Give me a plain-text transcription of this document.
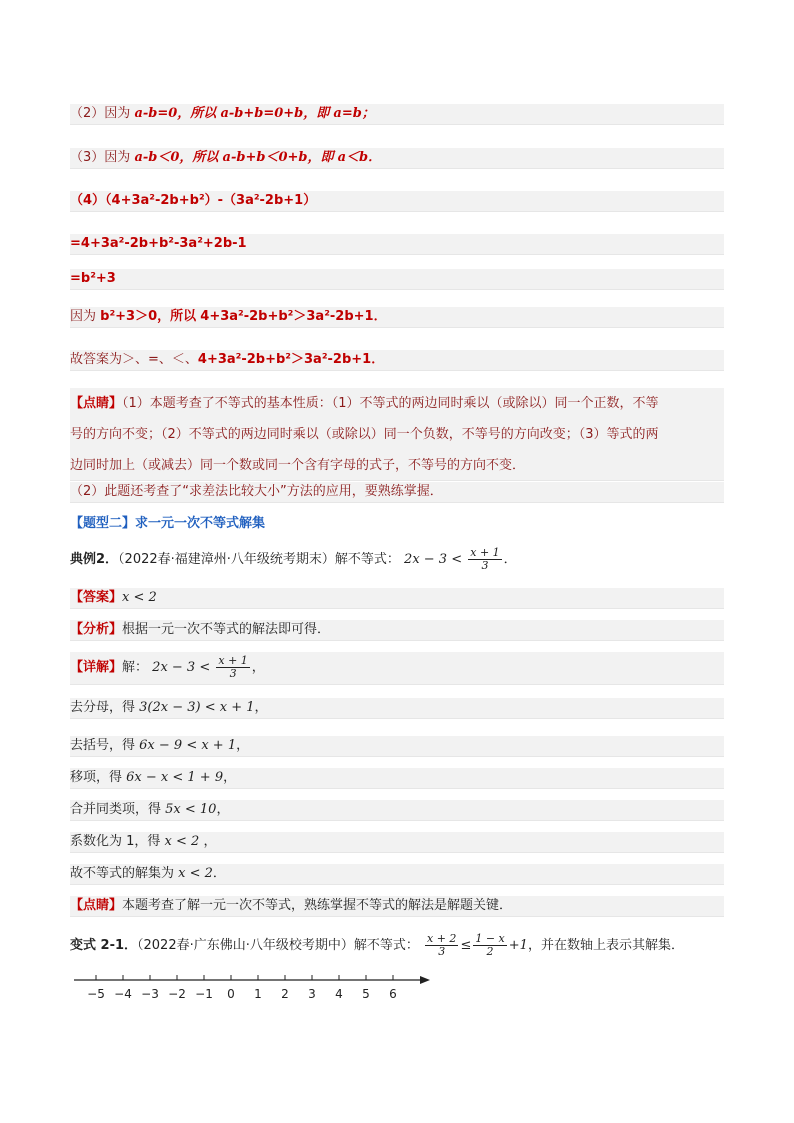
（2）因为 a-b=0，所以 a-b+b=0+b，即 a=b；
（3）因为 a-b＜0，所以 a-b+b＜0+b，即 a＜b．
（4）（4+3a²-2b+b²）-（3a²-2b+1）
=4+3a²-2b+b²-3a²+2b-1
=b²+3
因为 b²+3＞0，所以 4+3a²-2b+b²＞3a²-2b+1．
故答案为＞、=、＜、4+3a²-2b+b²＞3a²-2b+1．
【点睛】（1）本题考查了不等式的基本性质：（1）不等式的两边同时乘以（或除以）同一个正数，不等
号的方向不变；（2）不等式的两边同时乘以（或除以）同一个负数，不等号的方向改变；（3）等式的两
边同时加上（或减去）同一个数或同一个含有字母的式子，不等号的方向不变．
（2）此题还考查了“求差法比较大小”方法的应用，要熟练掌握．
【题型二】求一元一次不等式解集
典例2．（2022春·福建漳州·八年级统考期末）解不等式： $2x - 3 < \frac{x + 1}{3}$ ．
【答案】x < 2
【分析】根据一元一次不等式的解法即可得．
【详解】解： $2x - 3 < \frac{x + 1}{3}$ ，
去分母，得 3(2x − 3) < x + 1，
去括号，得 6x − 9 < x + 1，
移项，得 6x − x < 1 + 9，
合并同类项，得 5x < 10，
系数化为 1，得 x < 2 ，
故不等式的解集为 x < 2．
【点睛】本题考查了解一元一次不等式，熟练掌握不等式的解法是解题关键．
变式 2-1．（2022春·广东佛山·八年级校考期中）解不等式： $\frac{x + 2}{3} \le \frac{1 - x}{2} +1$，并在数轴上表示其解集．
−5 −4 −3 −2 −1 0 1 2 3 4 5 6
